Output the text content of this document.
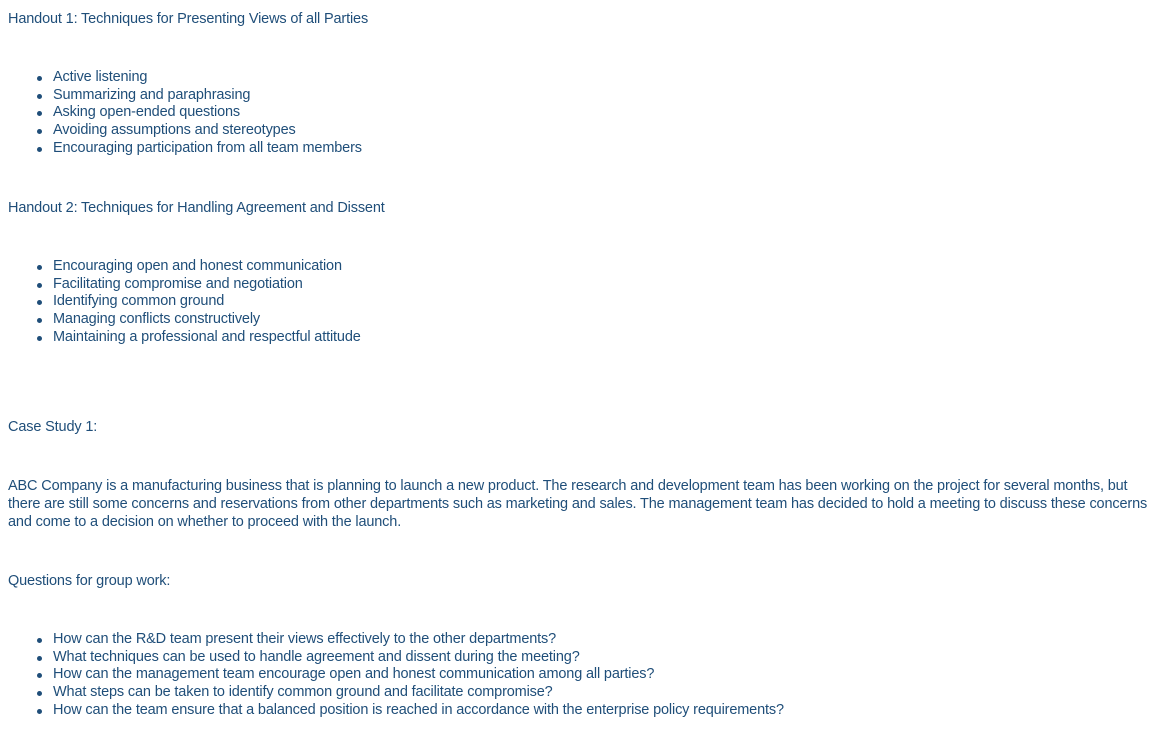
Handout 1: Techniques for Presenting Views of all Parties

Active listening
Summarizing and paraphrasing
Asking open-ended questions
Avoiding assumptions and stereotypes
Encouraging participation from all team members

Handout 2: Techniques for Handling Agreement and Dissent

Encouraging open and honest communication
Facilitating compromise and negotiation
Identifying common ground
Managing conflicts constructively
Maintaining a professional and respectful attitude

Case Study 1:

ABC Company is a manufacturing business that is planning to launch a new product. The research and development team has been working on the project for several months, but there are still some concerns and reservations from other departments such as marketing and sales. The management team has decided to hold a meeting to discuss these concerns and come to a decision on whether to proceed with the launch.

Questions for group work:

How can the R&D team present their views effectively to the other departments?
What techniques can be used to handle agreement and dissent during the meeting?
How can the management team encourage open and honest communication among all parties?
What steps can be taken to identify common ground and facilitate compromise?
How can the team ensure that a balanced position is reached in accordance with the enterprise policy requirements?
